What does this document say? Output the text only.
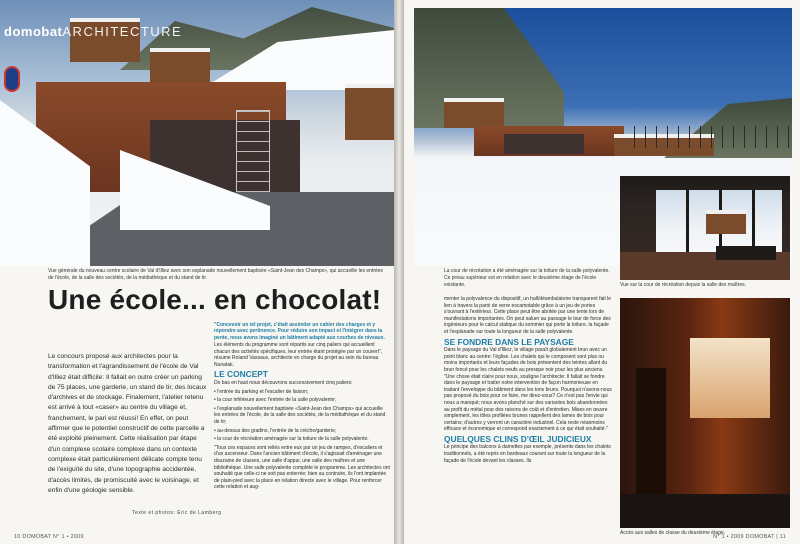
domobatARCHITECTURE
Vue générale du nouveau centre scolaire de Val d'Illiez avec son esplanade nouvellement baptisée «Saint-Jean des Champs», qui accueille les entrées de l'école, de la salle des sociétés, de la médiathèque et du stand de tir.
Une école... en chocolat!
"Concevoir un tel projet, c'était assimiler un cahier des charges et y répondre avec pertinence. Pour réduire son impact et l'intégrer dans la pente, nous avons imaginé un bâtiment adapté aux courbes de niveaux.
Le concours proposé aux architectes pour la transformation et l'agrandissement de l'école de Val d'Illiez était difficile: Il fallait en outre créer un parking de 75 places, une garderie, un stand de tir, des locaux d'archives et de stockage. Finalement, l'atelier retenu est arrivé à tout «caser» au centre du village et, franchement, le pari est réussi! En effet, on peut affirmer que le potentiel constructif de cette parcelle a été exploité pleinement. Cette réalisation par étape d'un complexe scolaire complexe dans un contexte complexe était particulièrement délicate compte tenu de l'exiguïté du site, d'une topographie accidentée, d'accès limités, de promiscuité avec le voisinage, et enfin d'une géologie sensible.
Texte et photos: Eric de Lamberg

Les éléments du programme sont répartis sur cinq paliers qui accueillent chacun des activités spécifiques, leur entrée étant protégée par un couvert", résume Roland Vassaux, architecte en charge du projet au sein du bureau Nunatak.

LE CONCEPT

De bas en haut nous découvrons successivement cinq paliers:

• l'entrée du parking et l'escalier de liaison;

• la cour inférieure avec l'entrée de la salle polyvalente;

• l'esplanade nouvellement baptisée «Saint-Jean des Champs» qui accueille les entrées de l'école, de la salle des sociétés, de la médiathèque et du stand de tir;

• au-dessus des gradins, l'entrée de la crèche/garderie;

• la cour de récréation aménagée sur la toiture de la salle polyvalente.

"Tous ces espaces sont reliés entre eux par un jeu de rampes, d'escaliers et d'un ascenseur. Dans l'ancien bâtiment d'école, il s'agissait d'aménager une douzaine de classes, une salle d'appui, une salle des maîtres et une bibliothèque. Une salle polyvalente complète le programme. Les architectes ont souhaité que celle-ci ne soit pas enterrée; bien au contraire, ils l'ont implantée de plain-pied avec la place en relation directe avec le village. Pour renforcer cette relation et aug-

10 DOMOBAT N° 1 • 2009
La cour de récréation a été aménagée sur la toiture de la salle polyvalente. Ce préau supérieur est en relation avec le deuxième étage de l'école existante.	Vue sur la cour de récréation depuis la salle des maîtres.
Accès aux salles de classe du deuxième étage.

menter la polyvalence du dispositif, un hall/déambulatoire transparent fait le lien à travers la paroi de verre escamotable grâce à un jeu de portes s'ouvrant à l'extérieur. Cette place peut être abritée par une tente lors de manifestations importantes. On peut saluer au passage le tour de force des ingénieurs pour le calcul statique du sommier qui porte la toiture, la façade et l'esplanade sur toute la longueur de la salle polyvalente.

SE FONDRE DANS LE PAYSAGE

Dans le paysage du Val d'Illiez, le village paraît globalement brun avec un point blanc au centre: l'église. Les chalets qui le composent sont plus ou moins importants et leurs façades de bois présentent des teintes allant du brun foncé pour les chalets neufs au presque noir pour les plus anciens. "Une chose était claire pour nous, souligne l'architecte: Il fallait se fondre dans le paysage et traiter notre intervention de façon harmonieuse en traitant l'enveloppe du bâtiment dans les tons bruns. Pourquoi n'avons-nous pas proposé du bois pour ce faire, me direz-vous? Ce n'est pas l'envie qui nous a manqué; nous avons planché sur des variantes bois abandonnées au profit du métal pour des raisons de coût et d'entretien. Mises en œuvre simplement, les tôles profilées brunes rappellent des lames de bois pour certains; d'autres y verront un caractère industriel. Cela reste néanmoins efficace et économique et correspond exactement à ce qui était souhaité."

QUELQUES CLINS D'ŒIL JUDICIEUX

Le principe des balcons à damettes par exemple, présents dans les chalets traditionnels, a été repris en bardeaux courant sur toute la longueur de la façade de l'école devant les classes. Ils

N° 1 • 2009 DOMOBAT | 11
